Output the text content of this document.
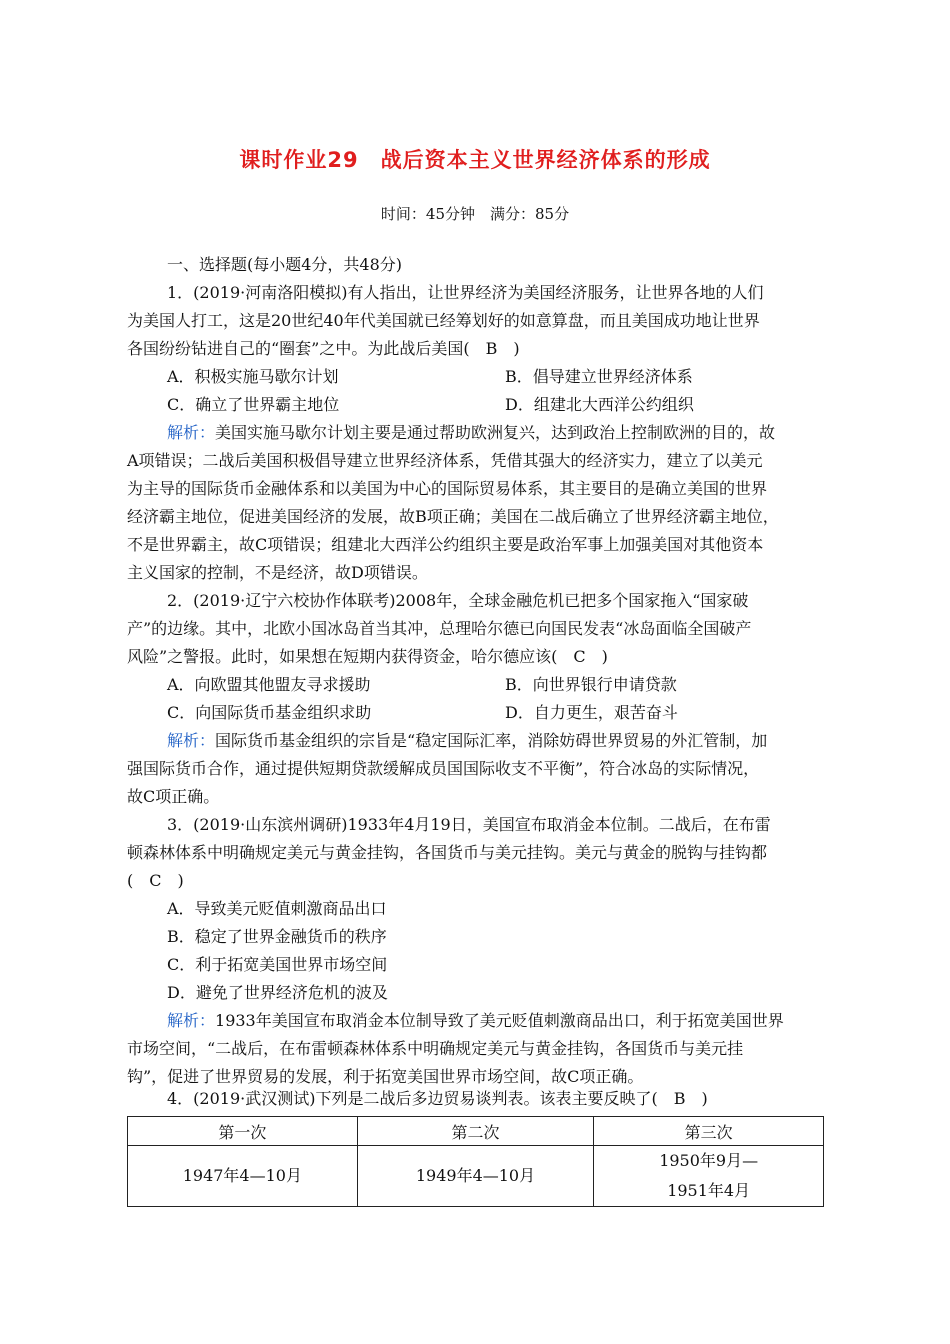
课时作业29　战后资本主义世界经济体系的形成
时间：45分钟　满分：85分
一、选择题(每小题4分，共48分)
1．(2019·河南洛阳模拟)有人指出，让世界经济为美国经济服务，让世界各地的人们
为美国人打工，这是20世纪40年代美国就已经筹划好的如意算盘，而且美国成功地让世界
各国纷纷钻进自己的“圈套”之中。为此战后美国(　B　)
A．积极实施马歇尔计划	B．倡导建立世界经济体系
C．确立了世界霸主地位	D．组建北大西洋公约组织
解析：美国实施马歇尔计划主要是通过帮助欧洲复兴，达到政治上控制欧洲的目的，故
A项错误；二战后美国积极倡导建立世界经济体系，凭借其强大的经济实力，建立了以美元
为主导的国际货币金融体系和以美国为中心的国际贸易体系，其主要目的是确立美国的世界
经济霸主地位，促进美国经济的发展，故B项正确；美国在二战后确立了世界经济霸主地位，
不是世界霸主，故C项错误；组建北大西洋公约组织主要是政治军事上加强美国对其他资本
主义国家的控制，不是经济，故D项错误。
2．(2019·辽宁六校协作体联考)2008年，全球金融危机已把多个国家拖入“国家破
产”的边缘。其中，北欧小国冰岛首当其冲，总理哈尔德已向国民发表“冰岛面临全国破产
风险”之警报。此时，如果想在短期内获得资金，哈尔德应该(　C　)
A．向欧盟其他盟友寻求援助	B．向世界银行申请贷款
C．向国际货币基金组织求助	D．自力更生，艰苦奋斗
解析：国际货币基金组织的宗旨是“稳定国际汇率，消除妨碍世界贸易的外汇管制，加
强国际货币合作，通过提供短期贷款缓解成员国国际收支不平衡”，符合冰岛的实际情况，
故C项正确。
3．(2019·山东滨州调研)1933年4月19日，美国宣布取消金本位制。二战后，在布雷
顿森林体系中明确规定美元与黄金挂钩，各国货币与美元挂钩。美元与黄金的脱钩与挂钩都
(　C　)
A．导致美元贬值刺激商品出口
B．稳定了世界金融货币的秩序
C．利于拓宽美国世界市场空间
D．避免了世界经济危机的波及
解析：1933年美国宣布取消金本位制导致了美元贬值刺激商品出口，利于拓宽美国世界
市场空间，“二战后，在布雷顿森林体系中明确规定美元与黄金挂钩，各国货币与美元挂
钩”，促进了世界贸易的发展，利于拓宽美国世界市场空间，故C项正确。
4．(2019·武汉测试)下列是二战后多边贸易谈判表。该表主要反映了(　B　)
第一次	第二次	第三次
1947年4—10月	1949年4—10月	1950年9月—
1951年4月
